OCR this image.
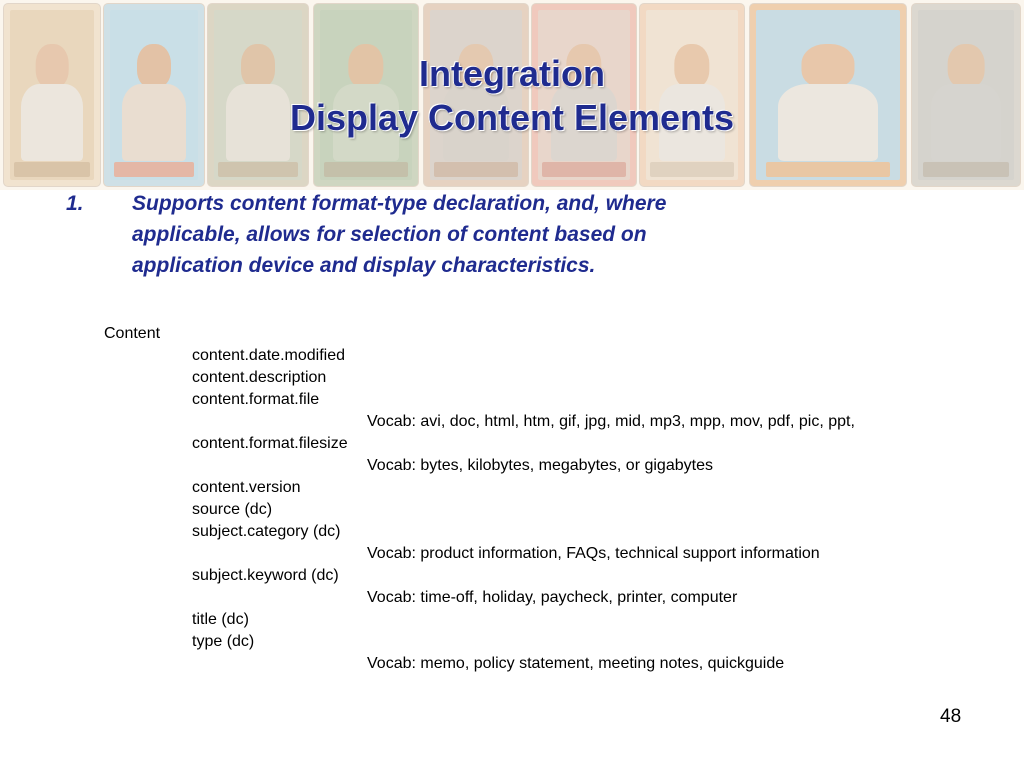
Integration
Display Content Elements
1. Supports content format-type declaration, and, where applicable, allows for selection of content based on application device and display characteristics.
Content
content.date.modified
content.description
content.format.file
Vocab: avi, doc, html, htm, gif, jpg, mid, mp3, mpp, mov, pdf, pic, ppt,
content.format.filesize
Vocab: bytes, kilobytes, megabytes, or gigabytes
content.version
source (dc)
subject.category (dc)
Vocab: product information, FAQs, technical support information
subject.keyword (dc)
Vocab: time-off, holiday, paycheck, printer, computer
title (dc)
type (dc)
Vocab: memo, policy statement, meeting notes, quickguide
48
